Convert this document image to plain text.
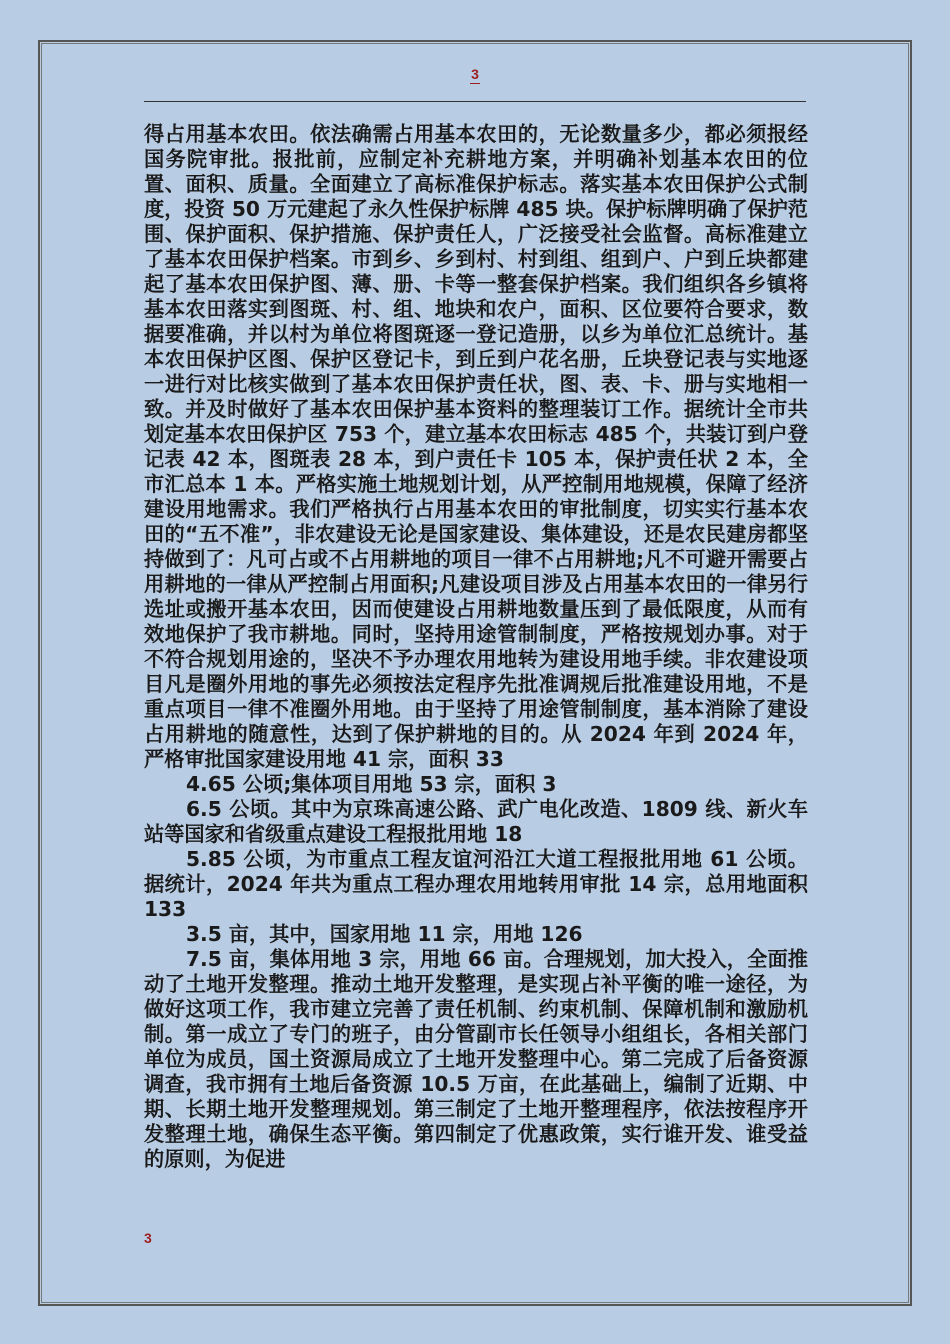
3

得占用基本农田。依法确需占用基本农田的，无论数量多少，都必须报经国务院审批。报批前，应制定补充耕地方案，并明确补划基本农田的位置、面积、质量。全面建立了高标准保护标志。落实基本农田保护公式制度，投资 50 万元建起了永久性保护标牌 485 块。保护标牌明确了保护范围、保护面积、保护措施、保护责任人，广泛接受社会监督。高标准建立了基本农田保护档案。市到乡、乡到村、村到组、组到户、户到丘块都建起了基本农田保护图、薄、册、卡等一整套保护档案。我们组织各乡镇将基本农田落实到图斑、村、组、地块和农户，面积、区位要符合要求，数据要准确，并以村为单位将图斑逐一登记造册，以乡为单位汇总统计。基本农田保护区图、保护区登记卡，到丘到户花名册，丘块登记表与实地逐一进行对比核实做到了基本农田保护责任状，图、表、卡、册与实地相一致。并及时做好了基本农田保护基本资料的整理装订工作。据统计全市共划定基本农田保护区 753 个，建立基本农田标志 485 个，共装订到户登记表 42 本，图斑表 28 本，到户责任卡 105 本，保护责任状 2 本，全市汇总本 1 本。严格实施土地规划计划，从严控制用地规模，保障了经济建设用地需求。我们严格执行占用基本农田的审批制度，切实实行基本农田的“五不准”，非农建设无论是国家建设、集体建设，还是农民建房都坚持做到了：凡可占或不占用耕地的项目一律不占用耕地;凡不可避开需要占用耕地的一律从严控制占用面积;凡建设项目涉及占用基本农田的一律另行选址或搬开基本农田，因而使建设占用耕地数量压到了最低限度，从而有效地保护了我市耕地。同时，坚持用途管制制度，严格按规划办事。对于不符合规划用途的，坚决不予办理农用地转为建设用地手续。非农建设项目凡是圈外用地的事先必须按法定程序先批准调规后批准建设用地，不是重点项目一律不准圈外用地。由于坚持了用途管制制度，基本消除了建设占用耕地的随意性，达到了保护耕地的目的。从 2024 年到 2024 年，严格审批国家建设用地 41 宗，面积 33

4.65 公顷;集体项目用地 53 宗，面积 3

6.5 公顷。其中为京珠高速公路、武广电化改造、1809 线、新火车站等国家和省级重点建设工程报批用地 18

5.85 公顷，为市重点工程友谊河沿江大道工程报批用地 61 公顷。据统计，2024 年共为重点工程办理农用地转用审批 14 宗，总用地面积 133

3.5 亩，其中，国家用地 11 宗，用地 126

7.5 亩，集体用地 3 宗，用地 66 亩。合理规划，加大投入，全面推动了土地开发整理。推动土地开发整理，是实现占补平衡的唯一途径，为做好这项工作，我市建立完善了责任机制、约束机制、保障机制和激励机制。第一成立了专门的班子，由分管副市长任领导小组组长，各相关部门单位为成员，国土资源局成立了土地开发整理中心。第二完成了后备资源调查，我市拥有土地后备资源 10.5 万亩，在此基础上，编制了近期、中期、长期土地开发整理规划。第三制定了土地开整理程序，依法按程序开发整理土地，确保生态平衡。第四制定了优惠政策，实行谁开发、谁受益的原则，为促进

3
